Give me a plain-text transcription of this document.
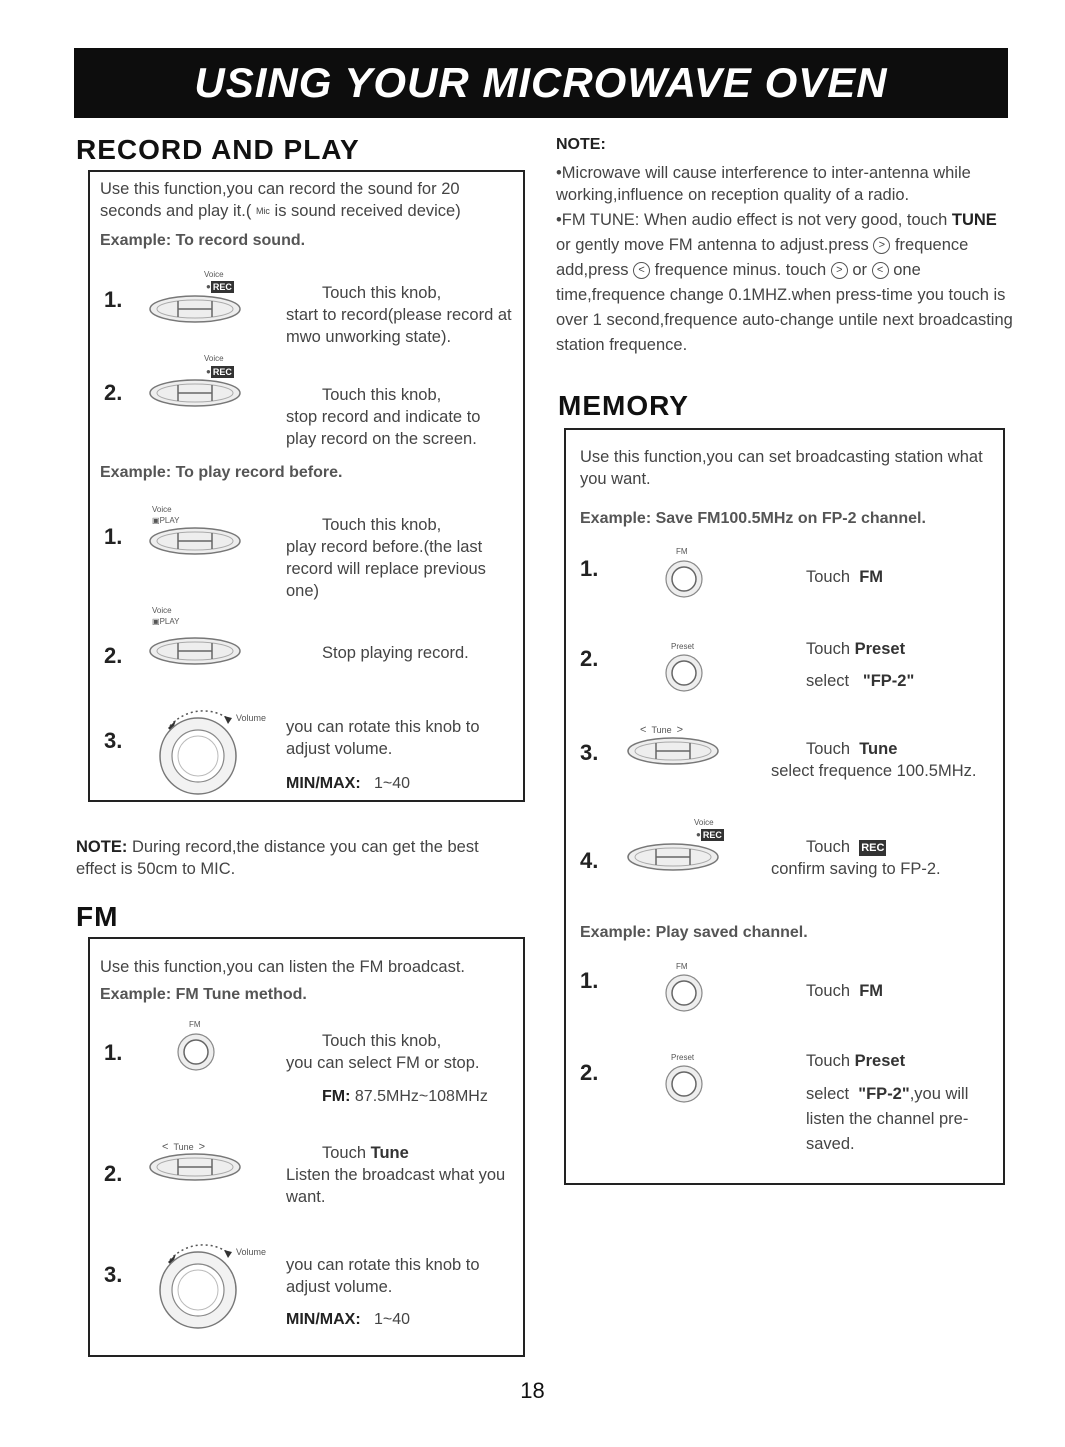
USING YOUR MICROWAVE OVEN
RECORD AND PLAY
Use this function,you can record the sound for 20 seconds and play it.( Mic is sound received device)
Example: To record sound.
1.
Voice
● REC	Touch this knob,
start to record(please record at mwo unworking state).
2.
Voice
● REC
Touch this knob,
stop record and indicate to play record on the screen.
Example: To play record before.
1.
Voice
▣PLAY	Touch this knob,
play record before.(the last record will replace previous one)
2.
Voice
▣PLAY
Stop playing record.
3.
Volume you can rotate this knob to adjust volume.
MIN/MAX: 1~40
NOTE: During record,the distance you can get the best effect is 50cm to MIC.
FM
Use this function,you can listen the FM broadcast.
Example: FM Tune method.
1.
FM
Touch this knob,
you can select FM or stop.
FM: 87.5MHz~108MHz
2.
< Tune >	Touch Tune
Listen the broadcast what you want.
3.
Volume
you can rotate this knob to adjust volume.
MIN/MAX: 1~40
NOTE:
•Microwave will cause interference to inter-antenna while working,influence on reception quality of a radio.
•FM TUNE: When audio effect is not very good, touch TUNE or gently move FM antenna to adjust.press > frequence add,press < frequence minus. touch > or < one time,frequence change 0.1MHZ.when press-time you touch is over 1 second,frequence auto-change untile next broadcasting station frequence.
MEMORY
Use this function,you can set broadcasting station what you want.
Example: Save FM100.5MHz on FP-2 channel.
1.
FM
Touch FM
2.	Preset	Touch Preset
select "FP-2"
3.
< Tune >
Touch Tune
select frequence 100.5MHz.
4.
Voice
● REC
Touch REC
confirm saving to FP-2.
Example: Play saved channel.
1.
FM
Touch FM
2.
Preset	Touch Preset
select "FP-2",you will listen the channel pre-saved.
18
